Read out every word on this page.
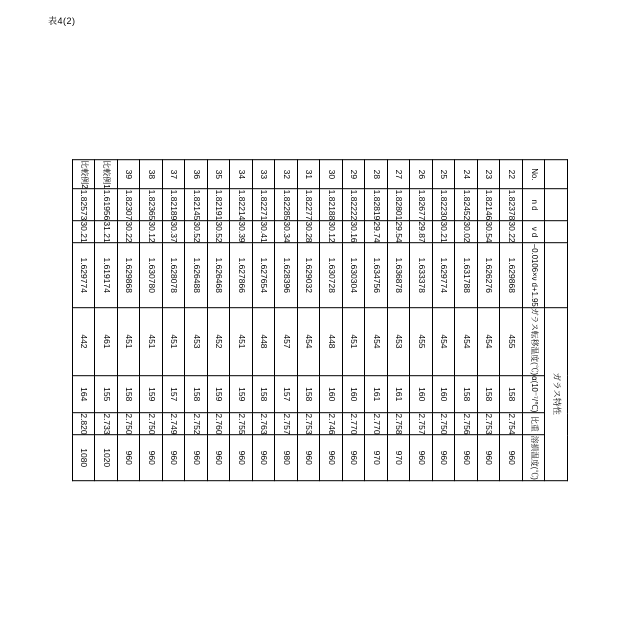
表4(2)
				ガラス特性			
No.	n d	ν d	−0.0106×ν d+1.95	ガラス転移温度(℃)	α(10⁻⁷/℃)	比重	溶損温度(℃)
22	1.82378	30.22	1.629868	455	158	2.754	960
23	1.82146	30.54	1.626276	454	158	2.753	960
24	1.82452	30.02	1.631788	454	158	2.756	960
25	1.82230	30.21	1.629774	454	160	2.750	960
26	1.82677	29.87	1.633378	455	160	2.757	960
27	1.82801	29.54	1.636878	453	161	2.758	970
28	1.82819	29.74	1.634756	454	161	2.770	970
29	1.82222	30.16	1.630304	451	160	2.770	960
30	1.82188	30.12	1.630728	448	160	2.746	960
31	1.82277	30.28	1.629032	454	158	2.753	960
32	1.82285	30.34	1.628396	457	157	2.757	980
33	1.82271	30.41	1.627654	448	158	2.763	960
34	1.82214	30.39	1.627866	451	159	2.755	960
35	1.82191	30.52	1.626468	452	159	2.760	960
36	1.82145	30.52	1.626488	453	158	2.752	960
37	1.82189	30.37	1.628078	451	157	2.749	960
38	1.82365	30.12	1.630780	451	159	2.750	960
39	1.82307	30.22	1.629868	451	158	2.750	960
比較例1	1.61956	31.21	1.619174	461	155	2.733	1020
比較例2	1.82573	30.21	1.629774	442	164	2.820	1080
